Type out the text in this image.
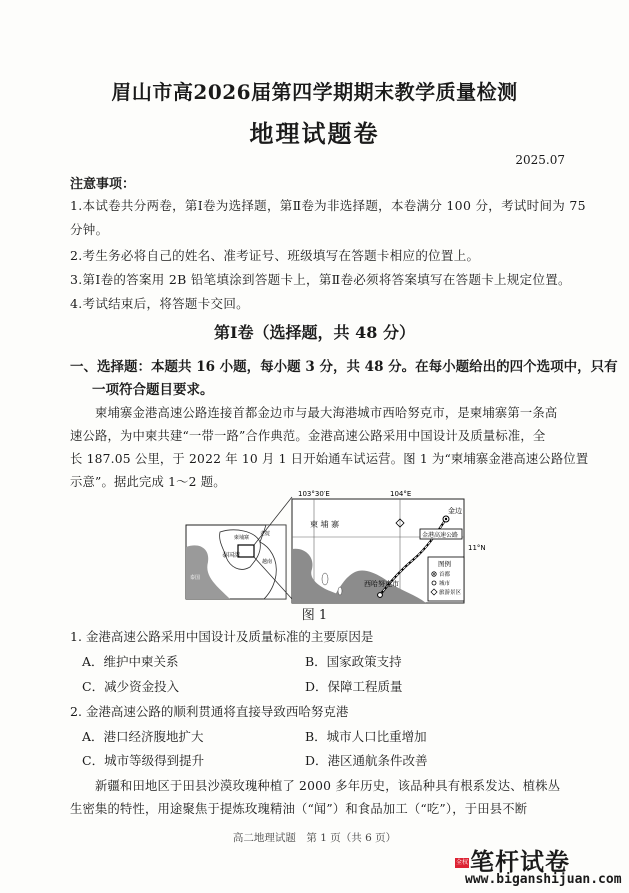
眉山市高2026届第四学期期末教学质量检测
地理试题卷
2025.07
注意事项：
1.本试卷共分两卷，第Ⅰ卷为选择题，第Ⅱ卷为非选择题，本卷满分 100 分，考试时间为 75
分钟。
2.考生务必将自己的姓名、准考证号、班级填写在答题卡相应的位置上。
3.第Ⅰ卷的答案用 2B 铅笔填涂到答题卡上，第Ⅱ卷必须将答案填写在答题卡上规定位置。
4.考试结束后，将答题卡交回。
第Ⅰ卷（选择题，共 48 分）
一、选择题：本题共 16 小题，每小题 3 分，共 48 分。在每小题给出的四个选项中，只有
一项符合题目要求。
柬埔寨金港高速公路连接首都金边市与最大海港城市西哈努克市，是柬埔寨第一条高
速公路，为中柬共建“一带一路”合作典范。金港高速公路采用中国设计及质量标准，全
长 187.05 公里，于 2022 年 10 月 1 日开始通车试运营。图 1 为“柬埔寨金港高速公路位置
示意”。据此完成 1～2 题。
泰国湾
柬埔寨
老挝
越南
泰国
103°30′E	104°E
11°N
柬 埔 寨
金边
西哈努克市
金港高速公路
图例
首都
城市
旅游景区
图 1
1. 金港高速公路采用中国设计及质量标准的主要原因是
A．维护中柬关系	B．国家政策支持
C．减少资金投入	D．保障工程质量
2. 金港高速公路的顺利贯通将直接导致西哈努克港
A．港口经济腹地扩大	B．城市人口比重增加
C．城市等级得到提升	D．港区通航条件改善
新疆和田地区于田县沙漠玫瑰种植了 2000 多年历史，该品种具有根系发达、植株丛
生密集的特性，用途聚焦于提炼玫瑰精油（“闻”）和食品加工（“吃”），于田县不断
高二地理试题　第 1 页（共 6 页）
笔杆试卷
全权
www.biganshijuan.com
